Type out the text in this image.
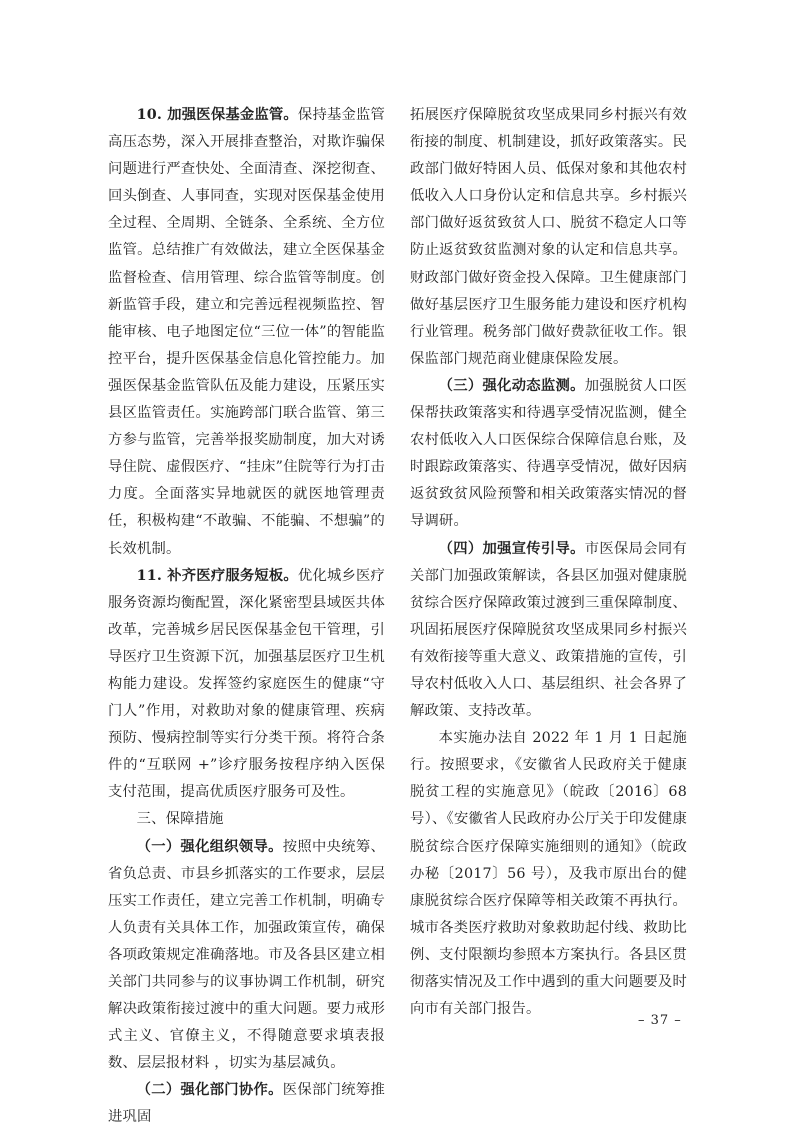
10. 加强医保基金监管。保持基金监管高压态势，深入开展排查整治，对欺诈骗保问题进行严查快处、全面清查、深挖彻查、回头倒查、人事同查，实现对医保基金使用全过程、全周期、全链条、全系统、全方位监管。总结推广有效做法，建立全医保基金监督检查、信用管理、综合监管等制度。创新监管手段，建立和完善远程视频监控、智能审核、电子地图定位“三位一体”的智能监控平台，提升医保基金信息化管控能力。加强医保基金监管队伍及能力建设，压紧压实县区监管责任。实施跨部门联合监管、第三方参与监管，完善举报奖励制度，加大对诱导住院、虚假医疗、“挂床”住院等行为打击力度。全面落实异地就医的就医地管理责任，积极构建“不敢骗、不能骗、不想骗”的长效机制。

11. 补齐医疗服务短板。优化城乡医疗服务资源均衡配置，深化紧密型县域医共体改革，完善城乡居民医保基金包干管理，引导医疗卫生资源下沉，加强基层医疗卫生机构能力建设。发挥签约家庭医生的健康“守门人”作用，对救助对象的健康管理、疾病预防、慢病控制等实行分类干预。将符合条件的“互联网 +”诊疗服务按程序纳入医保支付范围，提高优质医疗服务可及性。

三、保障措施

（一）强化组织领导。按照中央统筹、省负总责、市县乡抓落实的工作要求，层层压实工作责任，建立完善工作机制，明确专人负责有关具体工作，加强政策宣传，确保各项政策规定准确落地。市及各县区建立相关部门共同参与的议事协调工作机制，研究解决政策衔接过渡中的重大问题。要力戒形式主义、官僚主义，不得随意要求填表报数、层层报材料 ，切实为基层减负。

（二）强化部门协作。医保部门统筹推进巩固

拓展医疗保障脱贫攻坚成果同乡村振兴有效衔接的制度、机制建设，抓好政策落实。民政部门做好特困人员、低保对象和其他农村低收入人口身份认定和信息共享。乡村振兴部门做好返贫致贫人口、脱贫不稳定人口等防止返贫致贫监测对象的认定和信息共享。财政部门做好资金投入保障。卫生健康部门做好基层医疗卫生服务能力建设和医疗机构行业管理。税务部门做好费款征收工作。银保监部门规范商业健康保险发展。

（三）强化动态监测。加强脱贫人口医保帮扶政策落实和待遇享受情况监测，健全农村低收入人口医保综合保障信息台账，及时跟踪政策落实、待遇享受情况，做好因病返贫致贫风险预警和相关政策落实情况的督导调研。

（四）加强宣传引导。市医保局会同有关部门加强政策解读，各县区加强对健康脱贫综合医疗保障政策过渡到三重保障制度、巩固拓展医疗保障脱贫攻坚成果同乡村振兴有效衔接等重大意义、政策措施的宣传，引导农村低收入人口、基层组织、社会各界了解政策、支持改革。

本实施办法自 2022 年 1 月 1 日起施行。按照要求，《安徽省人民政府关于健康脱贫工程的实施意见》（皖政〔2016〕68 号）、《安徽省人民政府办公厅关于印发健康脱贫综合医疗保障实施细则的通知》（皖政办秘〔2017〕56 号），及我市原出台的健康脱贫综合医疗保障等相关政策不再执行。城市各类医疗救助对象救助起付线、救助比例、支付限额均参照本方案执行。各县区贯彻落实情况及工作中遇到的重大问题要及时向市有关部门报告。

– 37 –
